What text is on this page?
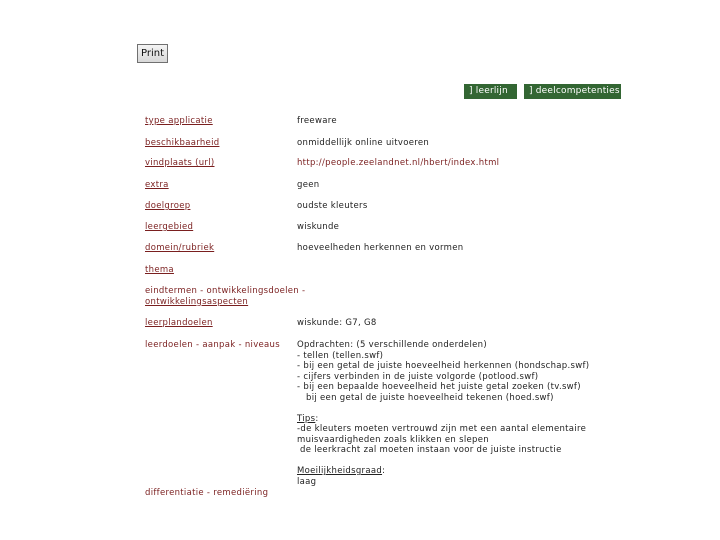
Print
] leerlijn	] deelcompetenties
type applicatie	freeware
beschikbaarheid	onmiddellijk online uitvoeren
vindplaats (url)	http://people.zeelandnet.nl/hbert/index.html
extra	geen
doelgroep	oudste kleuters
leergebied	wiskunde
domein/rubriek	hoeveelheden herkennen en vormen
thema
eindtermen - ontwikkelingsdoelen -
ontwikkelingsaspecten
leerplandoelen	wiskunde: G7, G8
leerdoelen - aanpak - niveaus	Opdrachten: (5 verschillende onderdelen)
- tellen (tellen.swf)
- bij een getal de juiste hoeveelheid herkennen (hondschap.swf)
- cijfers verbinden in de juiste volgorde (potlood.swf)
- bij een bepaalde hoeveelheid het juiste getal zoeken (tv.swf)
bij een getal de juiste hoeveelheid tekenen (hoed.swf)
Tips:
-de kleuters moeten vertrouwd zijn met een aantal elementaire
muisvaardigheden zoals klikken en slepen
de leerkracht zal moeten instaan voor de juiste instructie
Moeilijkheidsgraad:
laag
differentiatie - remediëring
